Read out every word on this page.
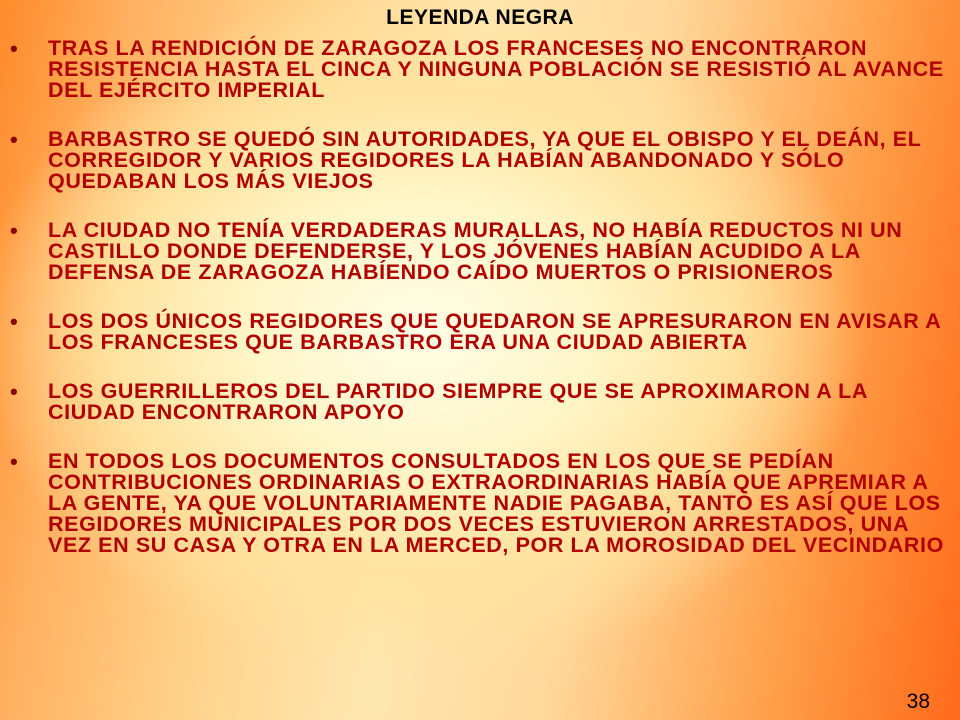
LEYENDA NEGRA
• TRAS LA RENDICIÓN DE ZARAGOZA LOS FRANCESES NO ENCONTRARON RESISTENCIA HASTA EL CINCA Y NINGUNA POBLACIÓN SE RESISTIÓ AL AVANCE DEL EJÉRCITO IMPERIAL
• BARBASTRO SE QUEDÓ SIN AUTORIDADES, YA QUE EL OBISPO Y EL DEÁN, EL CORREGIDOR Y VARIOS REGIDORES LA HABÍAN ABANDONADO Y SÓLO QUEDABAN LOS MÁS VIEJOS
• LA CIUDAD NO TENÍA VERDADERAS MURALLAS, NO HABÍA REDUCTOS NI UN CASTILLO DONDE DEFENDERSE, Y LOS JÓVENES HABÍAN ACUDIDO A LA DEFENSA DE ZARAGOZA HABÍENDO CAÍDO MUERTOS O PRISIONEROS
• LOS DOS ÚNICOS REGIDORES QUE QUEDARON SE APRESURARON EN AVISAR A LOS FRANCESES QUE BARBASTRO ERA UNA CIUDAD ABIERTA
• LOS GUERRILLEROS DEL PARTIDO SIEMPRE QUE SE APROXIMARON A LA CIUDAD ENCONTRARON APOYO
• EN TODOS LOS DOCUMENTOS CONSULTADOS EN LOS QUE SE PEDÍAN CONTRIBUCIONES ORDINARIAS O EXTRAORDINARIAS HABÍA QUE APREMIAR A LA GENTE, YA QUE VOLUNTARIAMENTE NADIE PAGABA, TANTO ES ASÍ QUE LOS REGIDORES MUNICIPALES POR DOS VECES ESTUVIERON ARRESTADOS, UNA VEZ EN SU CASA Y OTRA EN LA MERCED, POR LA MOROSIDAD DEL VECINDARIO
38
